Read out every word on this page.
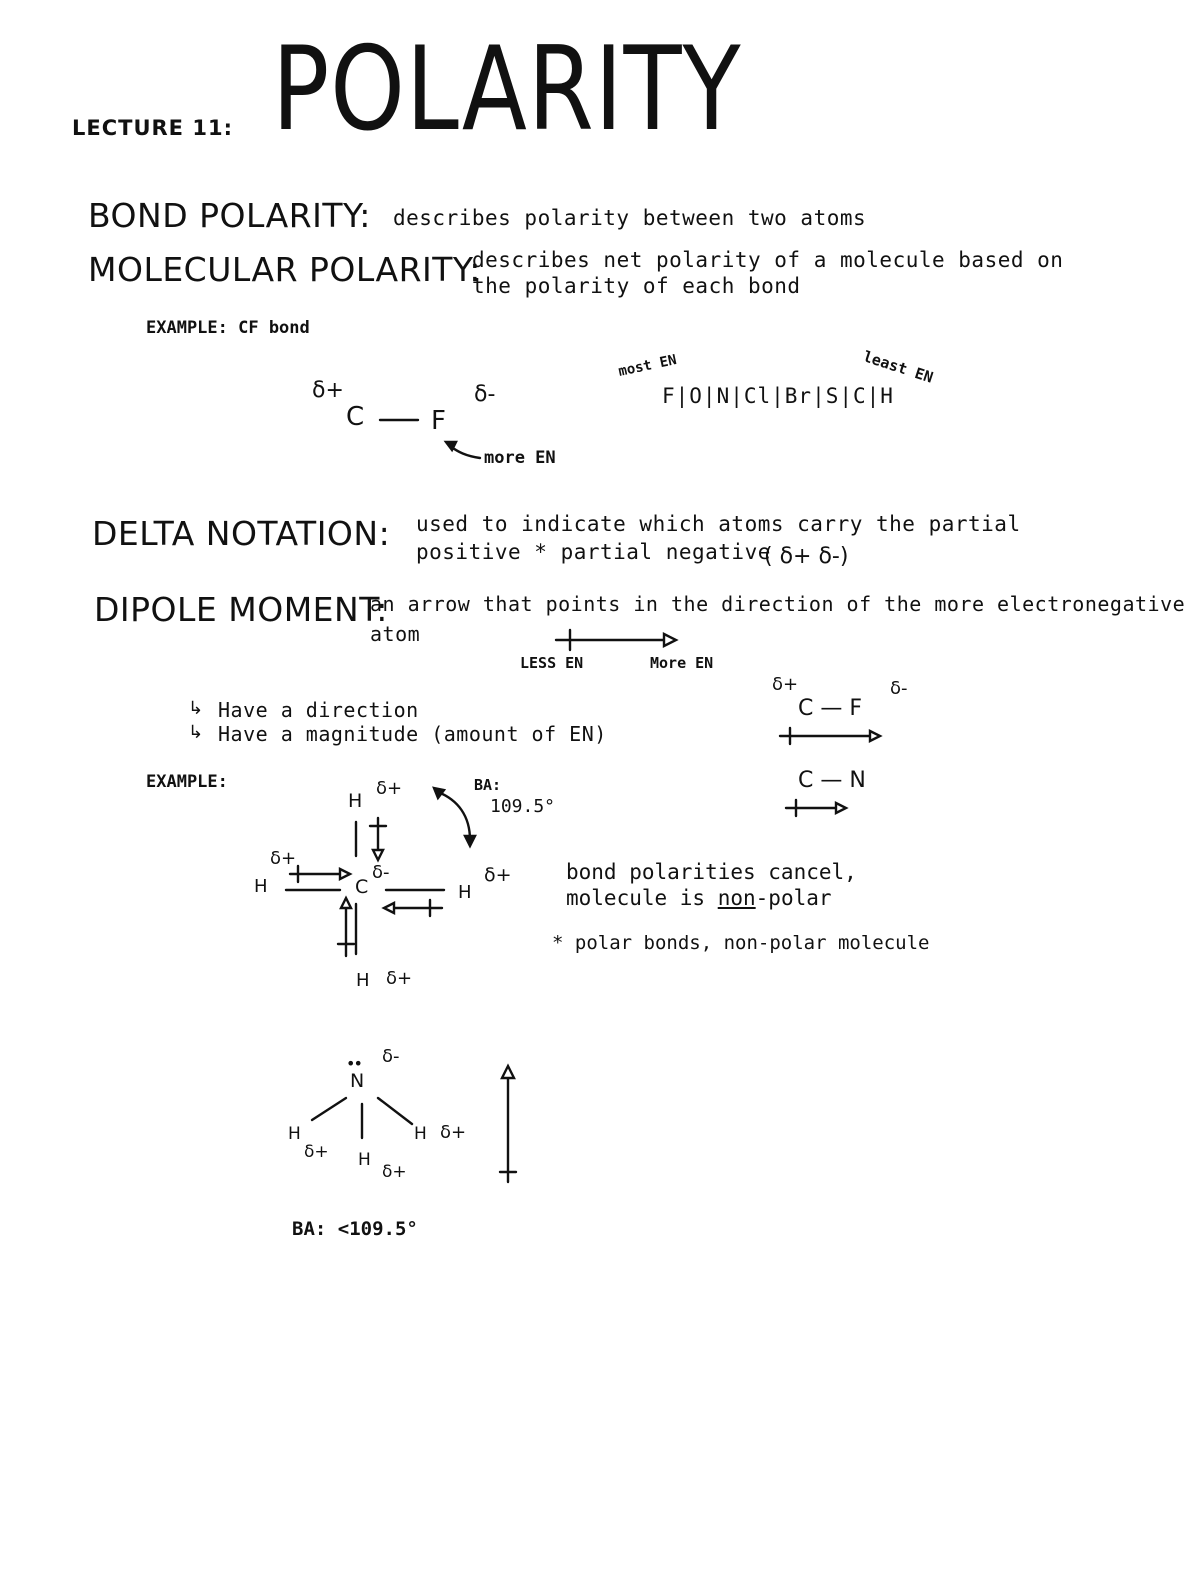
LECTURE 11: POLARITY
BOND POLARITY: describes polarity between two atoms
MOLECULAR POLARITY:
describes net polarity of a molecule based on
the polarity of each bond
EXAMPLE: CF bond
δ+
C	F
δ-
more EN
most EN	least EN
F|O|N|Cl|Br|S|C|H
DELTA NOTATION: used to indicate which atoms carry the partial
positive * partial negative
( δ+ δ-)
DIPOLE MOMENT:
an arrow that points in the direction of the more electronegative
atom
LESS EN	More EN
↳ Have a direction
↳ Have a magnitude (amount of EN)
δ+	δ-
C — F
C — N
EXAMPLE:
H
δ+	BA:
109.5°
δ+
H	C
δ-
H
δ+
H δ+
bond polarities cancel,
molecule is non-polar
* polar bonds, non-polar molecule
•• δ-
N
H
δ+
H δ+
H
δ+
BA: <109.5°
